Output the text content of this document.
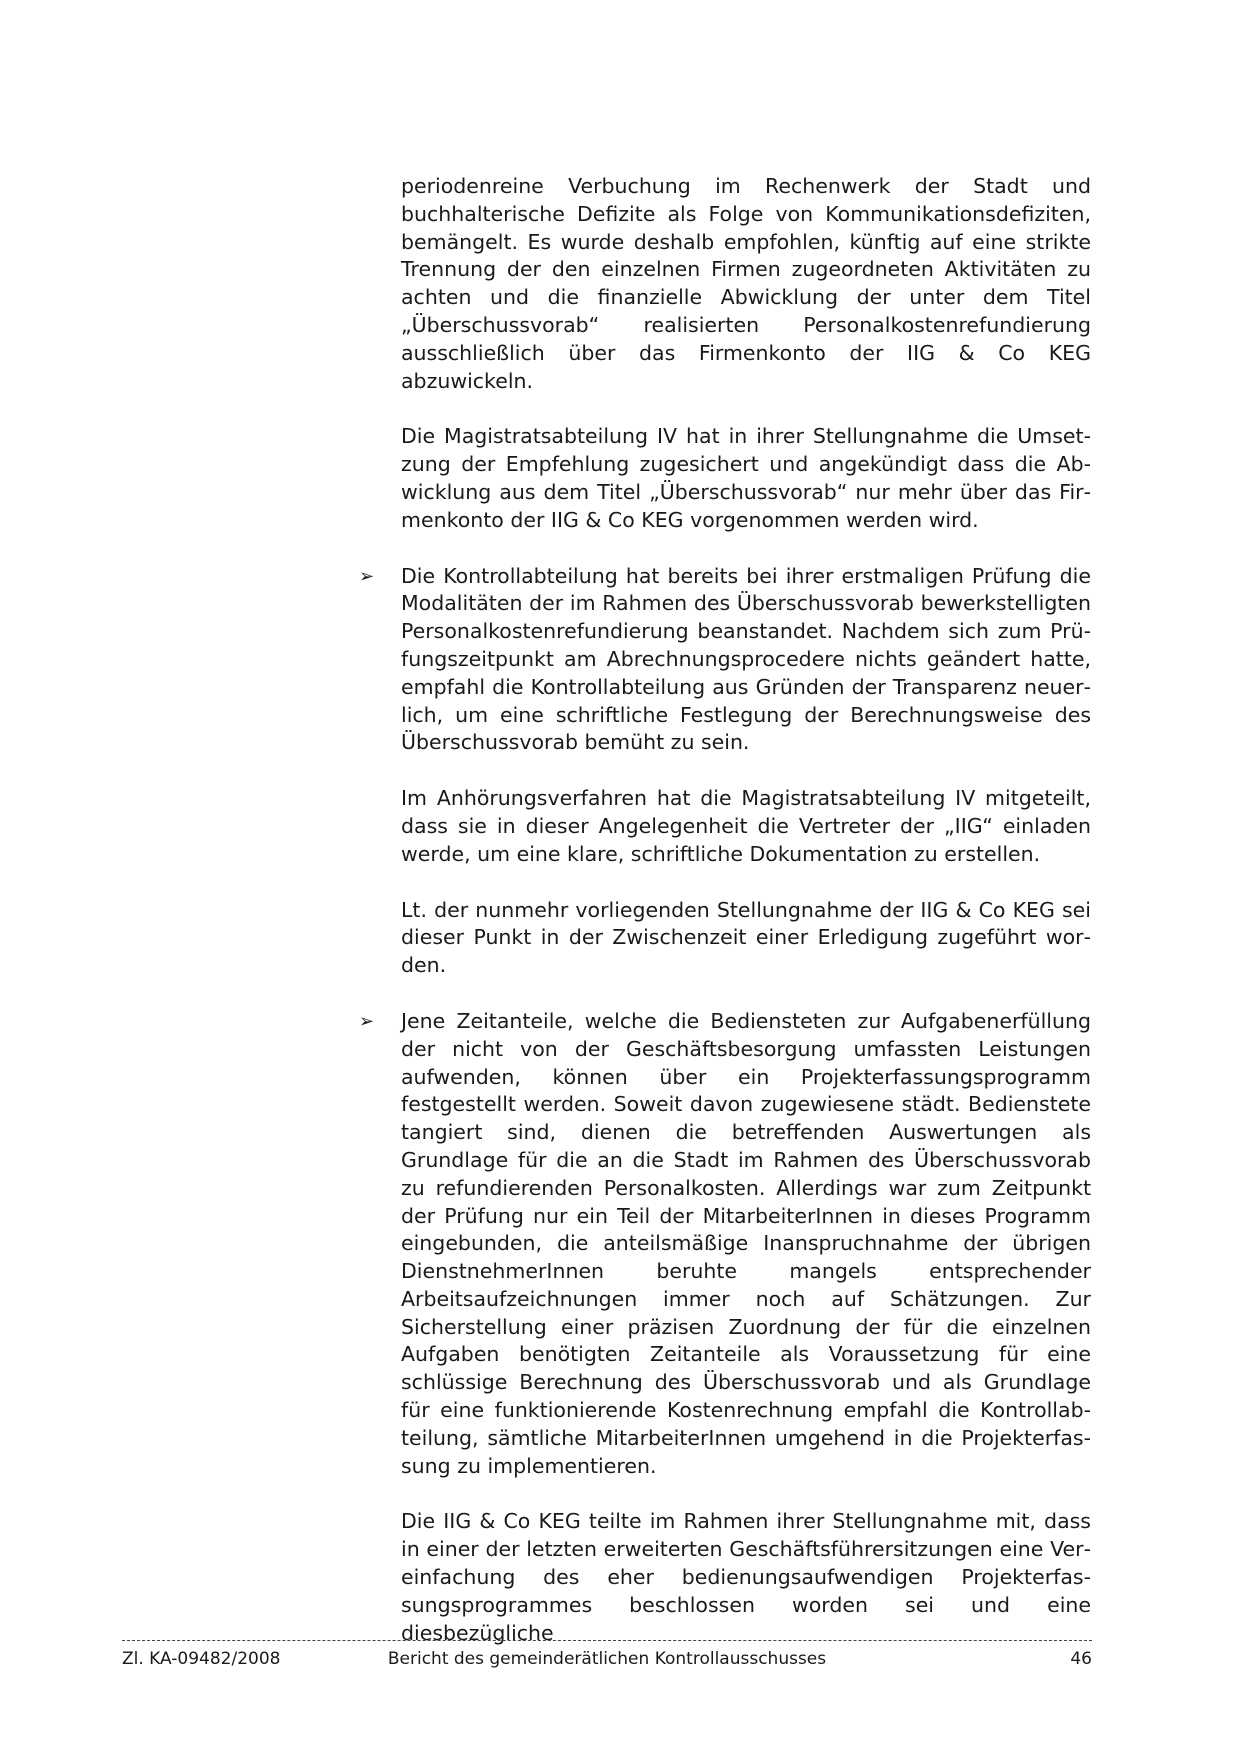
periodenreine Verbuchung im Rechenwerk der Stadt und buchhalterische Defizite als Folge von Kommunikationsdefiziten, bemängelt. Es wurde deshalb empfohlen, künftig auf eine strikte Trennung der den einzelnen Firmen zugeordneten Aktivitäten zu achten und die finanzielle Abwicklung der unter dem Titel „Überschussvorab“ realisierten Personalkostenrefundierung ausschließlich über das Firmenkonto der IIG & Co KEG abzuwickeln.

Die Magistratsabteilung IV hat in ihrer Stellungnahme die Umsetzung der Empfehlung zugesichert und angekündigt dass die Abwicklung aus dem Titel „Überschussvorab“ nur mehr über das Firmenkonto der IIG & Co KEG vorgenommen werden wird.

➢ Die Kontrollabteilung hat bereits bei ihrer erstmaligen Prüfung die Modalitäten der im Rahmen des Überschussvorab bewerkstelligten Personalkostenrefundierung beanstandet. Nachdem sich zum Prüfungszeitpunkt am Abrechnungsprocedere nichts geändert hatte, empfahl die Kontrollabteilung aus Gründen der Transparenz neuerlich, um eine schriftliche Festlegung der Berechnungsweise des Überschussvorab bemüht zu sein.

Im Anhörungsverfahren hat die Magistratsabteilung IV mitgeteilt, dass sie in dieser Angelegenheit die Vertreter der „IIG“ einladen werde, um eine klare, schriftliche Dokumentation zu erstellen.

Lt. der nunmehr vorliegenden Stellungnahme der IIG & Co KEG sei dieser Punkt in der Zwischenzeit einer Erledigung zugeführt worden.

➢ Jene Zeitanteile, welche die Bediensteten zur Aufgabenerfüllung der nicht von der Geschäftsbesorgung umfassten Leistungen aufwenden, können über ein Projekterfassungsprogramm festgestellt werden. Soweit davon zugewiesene städt. Bedienstete tangiert sind, dienen die betreffenden Auswertungen als Grundlage für die an die Stadt im Rahmen des Überschussvorab zu refundierenden Personalkosten. Allerdings war zum Zeitpunkt der Prüfung nur ein Teil der MitarbeiterInnen in dieses Programm eingebunden, die anteilsmäßige Inanspruchnahme der übrigen DienstnehmerInnen beruhte mangels entsprechender Arbeitsaufzeichnungen immer noch auf Schätzungen. Zur Sicherstellung einer präzisen Zuordnung der für die einzelnen Aufgaben benötigten Zeitanteile als Voraussetzung für eine schlüssige Berechnung des Überschussvorab und als Grundlage für eine funktionierende Kostenrechnung empfahl die Kontrollabteilung, sämtliche MitarbeiterInnen umgehend in die Projekterfassung zu implementieren.

Die IIG & Co KEG teilte im Rahmen ihrer Stellungnahme mit, dass in einer der letzten erweiterten Geschäftsführersitzungen eine Vereinfachung des eher bedienungsaufwendigen Projekterfassungsprogrammes beschlossen worden sei und eine diesbezügliche

Zl. KA-09482/2008	Bericht des gemeinderätlichen Kontrollausschusses	46
